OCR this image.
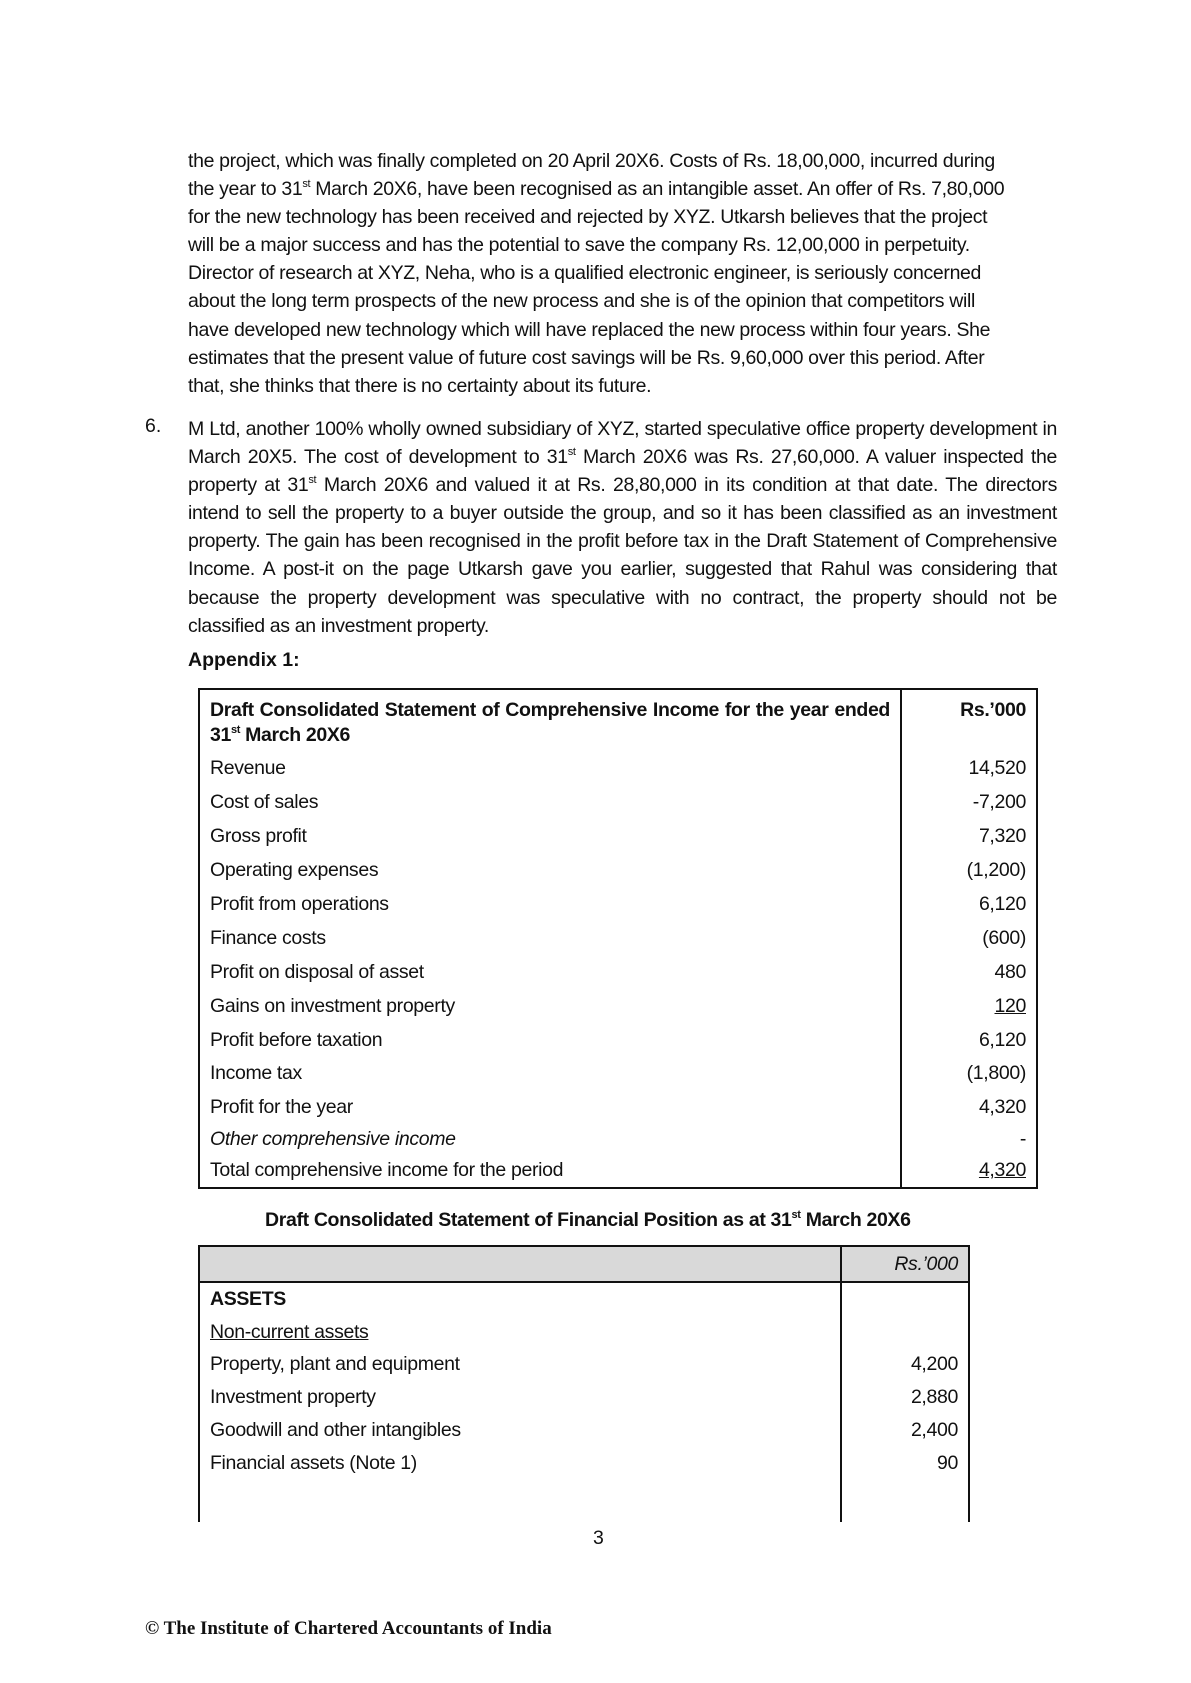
the project, which was finally completed on 20 April 20X6. Costs of Rs. 18,00,000, incurred during
the year to 31st March 20X6, have been recognised as an intangible asset. An offer of Rs. 7,80,000
for the new technology has been received and rejected by XYZ. Utkarsh believes that the project
will be a major success and has the potential to save the company Rs. 12,00,000 in perpetuity.
Director of research at XYZ, Neha, who is a qualified electronic engineer, is seriously concerned
about the long term prospects of the new process and she is of the opinion that competitors will
have developed new technology which will have replaced the new process within four years. She
estimates that the present value of future cost savings will be Rs. 9,60,000 over this period. After
that, she thinks that there is no certainty about its future.
6. M Ltd, another 100% wholly owned subsidiary of XYZ, started speculative office property development in March 20X5. The cost of development to 31st March 20X6 was Rs. 27,60,000. A valuer inspected the property at 31st March 20X6 and valued it at Rs. 28,80,000 in its condition at that date. The directors intend to sell the property to a buyer outside the group, and so it has been classified as an investment property. The gain has been recognised in the profit before tax in the Draft Statement of Comprehensive Income. A post-it on the page Utkarsh gave you earlier, suggested that Rahul was considering that because the property development was speculative with no contract, the property should not be classified as an investment property.
Appendix 1:
Draft Consolidated Statement of Comprehensive Income for the year ended 31st March 20X6	Rs.’000
Revenue	14,520
Cost of sales	-7,200
Gross profit	7,320
Operating expenses	(1,200)
Profit from operations	6,120
Finance costs	(600)
Profit on disposal of asset	480
Gains on investment property	120
Profit before taxation	6,120
Income tax	(1,800)
Profit for the year	4,320
Other comprehensive income	-
Total comprehensive income for the period	4,320
Draft Consolidated Statement of Financial Position as at 31st March 20X6
	Rs.’000
ASSETS	
Non-current assets	
Property, plant and equipment	4,200
Investment property	2,880
Goodwill and other intangibles	2,400
Financial assets (Note 1)	90

3
© The Institute of Chartered Accountants of India
